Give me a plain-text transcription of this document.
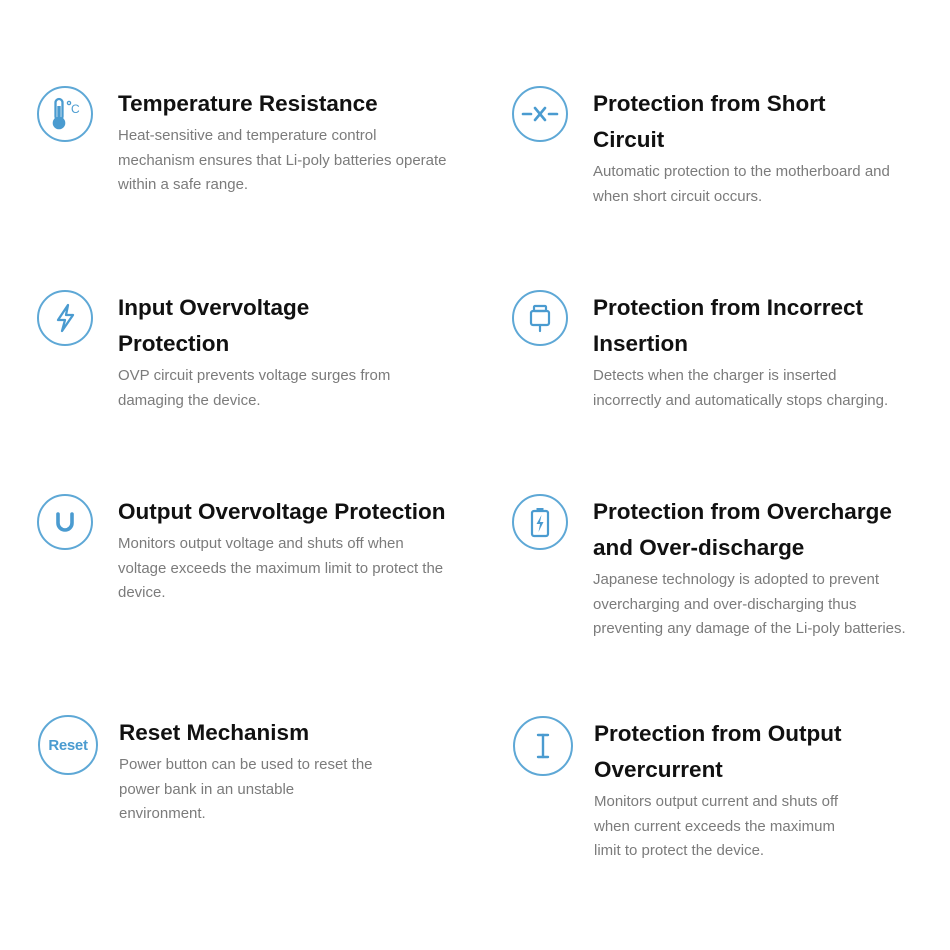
C Temperature Resistance

Heat-sensitive and temperature control mechanism ensures that Li-poly batteries operate within a safe range.

Protection from Short Circuit

Automatic protection to the motherboard and when short circuit occurs.

Input Overvoltage Protection

OVP circuit prevents voltage surges from damaging the device.

Protection from Incorrect Insertion

Detects when the charger is inserted incorrectly and automatically stops charging.

Output Overvoltage Protection

Monitors output voltage and shuts off when voltage exceeds the maximum limit to protect the device.

Protection from Overcharge and Over-discharge

Japanese technology is adopted to prevent overcharging and over-discharging thus preventing any damage of the Li-poly batteries.

Reset Reset Mechanism

Power button can be used to reset the power bank in an unstable environment.

Protection from Output Overcurrent

Monitors output current and shuts off when current exceeds the maximum limit to protect the device.
